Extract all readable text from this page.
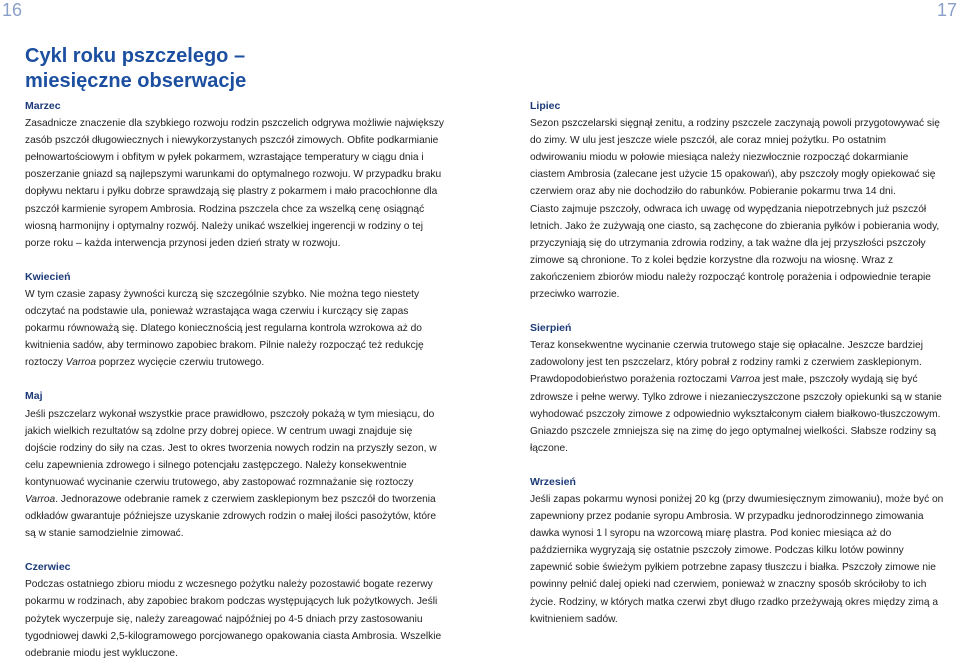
16	17
Cykl roku pszczelego –
miesięczne obserwacje
Marzec

Zasadnicze znaczenie dla szybkiego rozwoju rodzin pszczelich odgrywa możliwie największy zasób pszczół długowiecznych i niewykorzystanych pszczół zimowych. Obfite podkarmianie pełnowartościowym i obfitym w pyłek pokarmem, wzrastające temperatury w ciągu dnia i poszerzanie gniazd są najlepszymi warunkami do optymalnego rozwoju. W przypadku braku dopływu nektaru i pyłku dobrze sprawdzają się plastry z pokarmem i mało pracochłonne dla pszczół karmienie syropem Ambrosia. Rodzina pszczela chce za wszelką cenę osiągnąć wiosną harmonijny i optymalny rozwój. Należy unikać wszelkiej ingerencji w rodziny o tej porze roku – każda interwencja przynosi jeden dzień straty w rozwoju.

Kwiecień

W tym czasie zapasy żywności kurczą się szczególnie szybko. Nie można tego niestety odczytać na podstawie ula, ponieważ wzrastająca waga czerwiu i kurczący się zapas pokarmu równoważą się. Dlatego koniecznością jest regularna kontrola wzrokowa aż do kwitnienia sadów, aby terminowo zapobiec brakom. Pilnie należy rozpocząć też redukcję roztoczy Varroa poprzez wycięcie czerwiu trutowego.

Maj

Jeśli pszczelarz wykonał wszystkie prace prawidłowo, pszczoły pokażą w tym miesiącu, do jakich wielkich rezultatów są zdolne przy dobrej opiece. W centrum uwagi znajduje się dojście rodziny do siły na czas. Jest to okres tworzenia nowych rodzin na przyszły sezon, w celu zapewnienia zdrowego i silnego potencjału zastępczego. Należy konsekwentnie kontynuować wycinanie czerwiu trutowego, aby zastopować rozmnażanie się roztoczy Varroa. Jednorazowe odebranie ramek z czerwiem zasklepionym bez pszczół do tworzenia odkładów gwarantuje późniejsze uzyskanie zdrowych rodzin o małej ilości pasożytów, które są w stanie samodzielnie zimować.

Czerwiec

Podczas ostatniego zbioru miodu z wczesnego pożytku należy pozostawić bogate rezerwy pokarmu w rodzinach, aby zapobiec brakom podczas występujących luk pożytkowych. Jeśli pożytek wyczerpuje się, należy zareagować najpóźniej po 4-5 dniach przy zastosowaniu tygodniowej dawki 2,5-kilogramowego porcjowanego opakowania ciasta Ambrosia. Wszelkie odebranie miodu jest wykluczone.

Lipiec

Sezon pszczelarski sięgnął zenitu, a rodziny pszczele zaczynają powoli przygotowywać się do zimy. W ulu jest jeszcze wiele pszczół, ale coraz mniej pożytku. Po ostatnim odwirowaniu miodu w połowie miesiąca należy niezwłocznie rozpocząć dokarmianie ciastem Ambrosia (zalecane jest użycie 15 opakowań), aby pszczoły mogły opiekować się czerwiem oraz aby nie dochodziło do rabunków. Pobieranie pokarmu trwa 14 dni.

Ciasto zajmuje pszczoły, odwraca ich uwagę od wypędzania niepotrzebnych już pszczół letnich. Jako że zużywają one ciasto, są zachęcone do zbierania pyłków i pobierania wody, przyczyniają się do utrzymania zdrowia rodziny, a tak ważne dla jej przyszłości pszczoły zimowe są chronione. To z kolei będzie korzystne dla rozwoju na wiosnę. Wraz z zakończeniem zbiorów miodu należy rozpocząć kontrolę porażenia i odpowiednie terapie przeciwko warrozie.

Sierpień

Teraz konsekwentne wycinanie czerwia trutowego staje się opłacalne. Jeszcze bardziej zadowolony jest ten pszczelarz, który pobrał z rodziny ramki z czerwiem zasklepionym. Prawdopodobieństwo porażenia roztoczami Varroa jest małe, pszczoły wydają się być zdrowsze i pełne werwy. Tylko zdrowe i niezanieczyszczone pszczoły opiekunki są w stanie wyhodować pszczoły zimowe z odpowiednio wykształconym ciałem białkowo-tłuszczowym. Gniazdo pszczele zmniejsza się na zimę do jego optymalnej wielkości. Słabsze rodziny są łączone.

Wrzesień

Jeśli zapas pokarmu wynosi poniżej 20 kg (przy dwumiesięcznym zimowaniu), może być on zapewniony przez podanie syropu Ambrosia. W przypadku jednorodzinnego zimowania dawka wynosi 1 l syropu na wzorcową miarę plastra. Pod koniec miesiąca aż do października wygryzają się ostatnie pszczoły zimowe. Podczas kilku lotów powinny zapewnić sobie świeżym pyłkiem potrzebne zapasy tłuszczu i białka. Pszczoły zimowe nie powinny pełnić dalej opieki nad czerwiem, ponieważ w znaczny sposób skróciłoby to ich życie. Rodziny, w których matka czerwi zbyt długo rzadko przeżywają okres między zimą a kwitnieniem sadów.
